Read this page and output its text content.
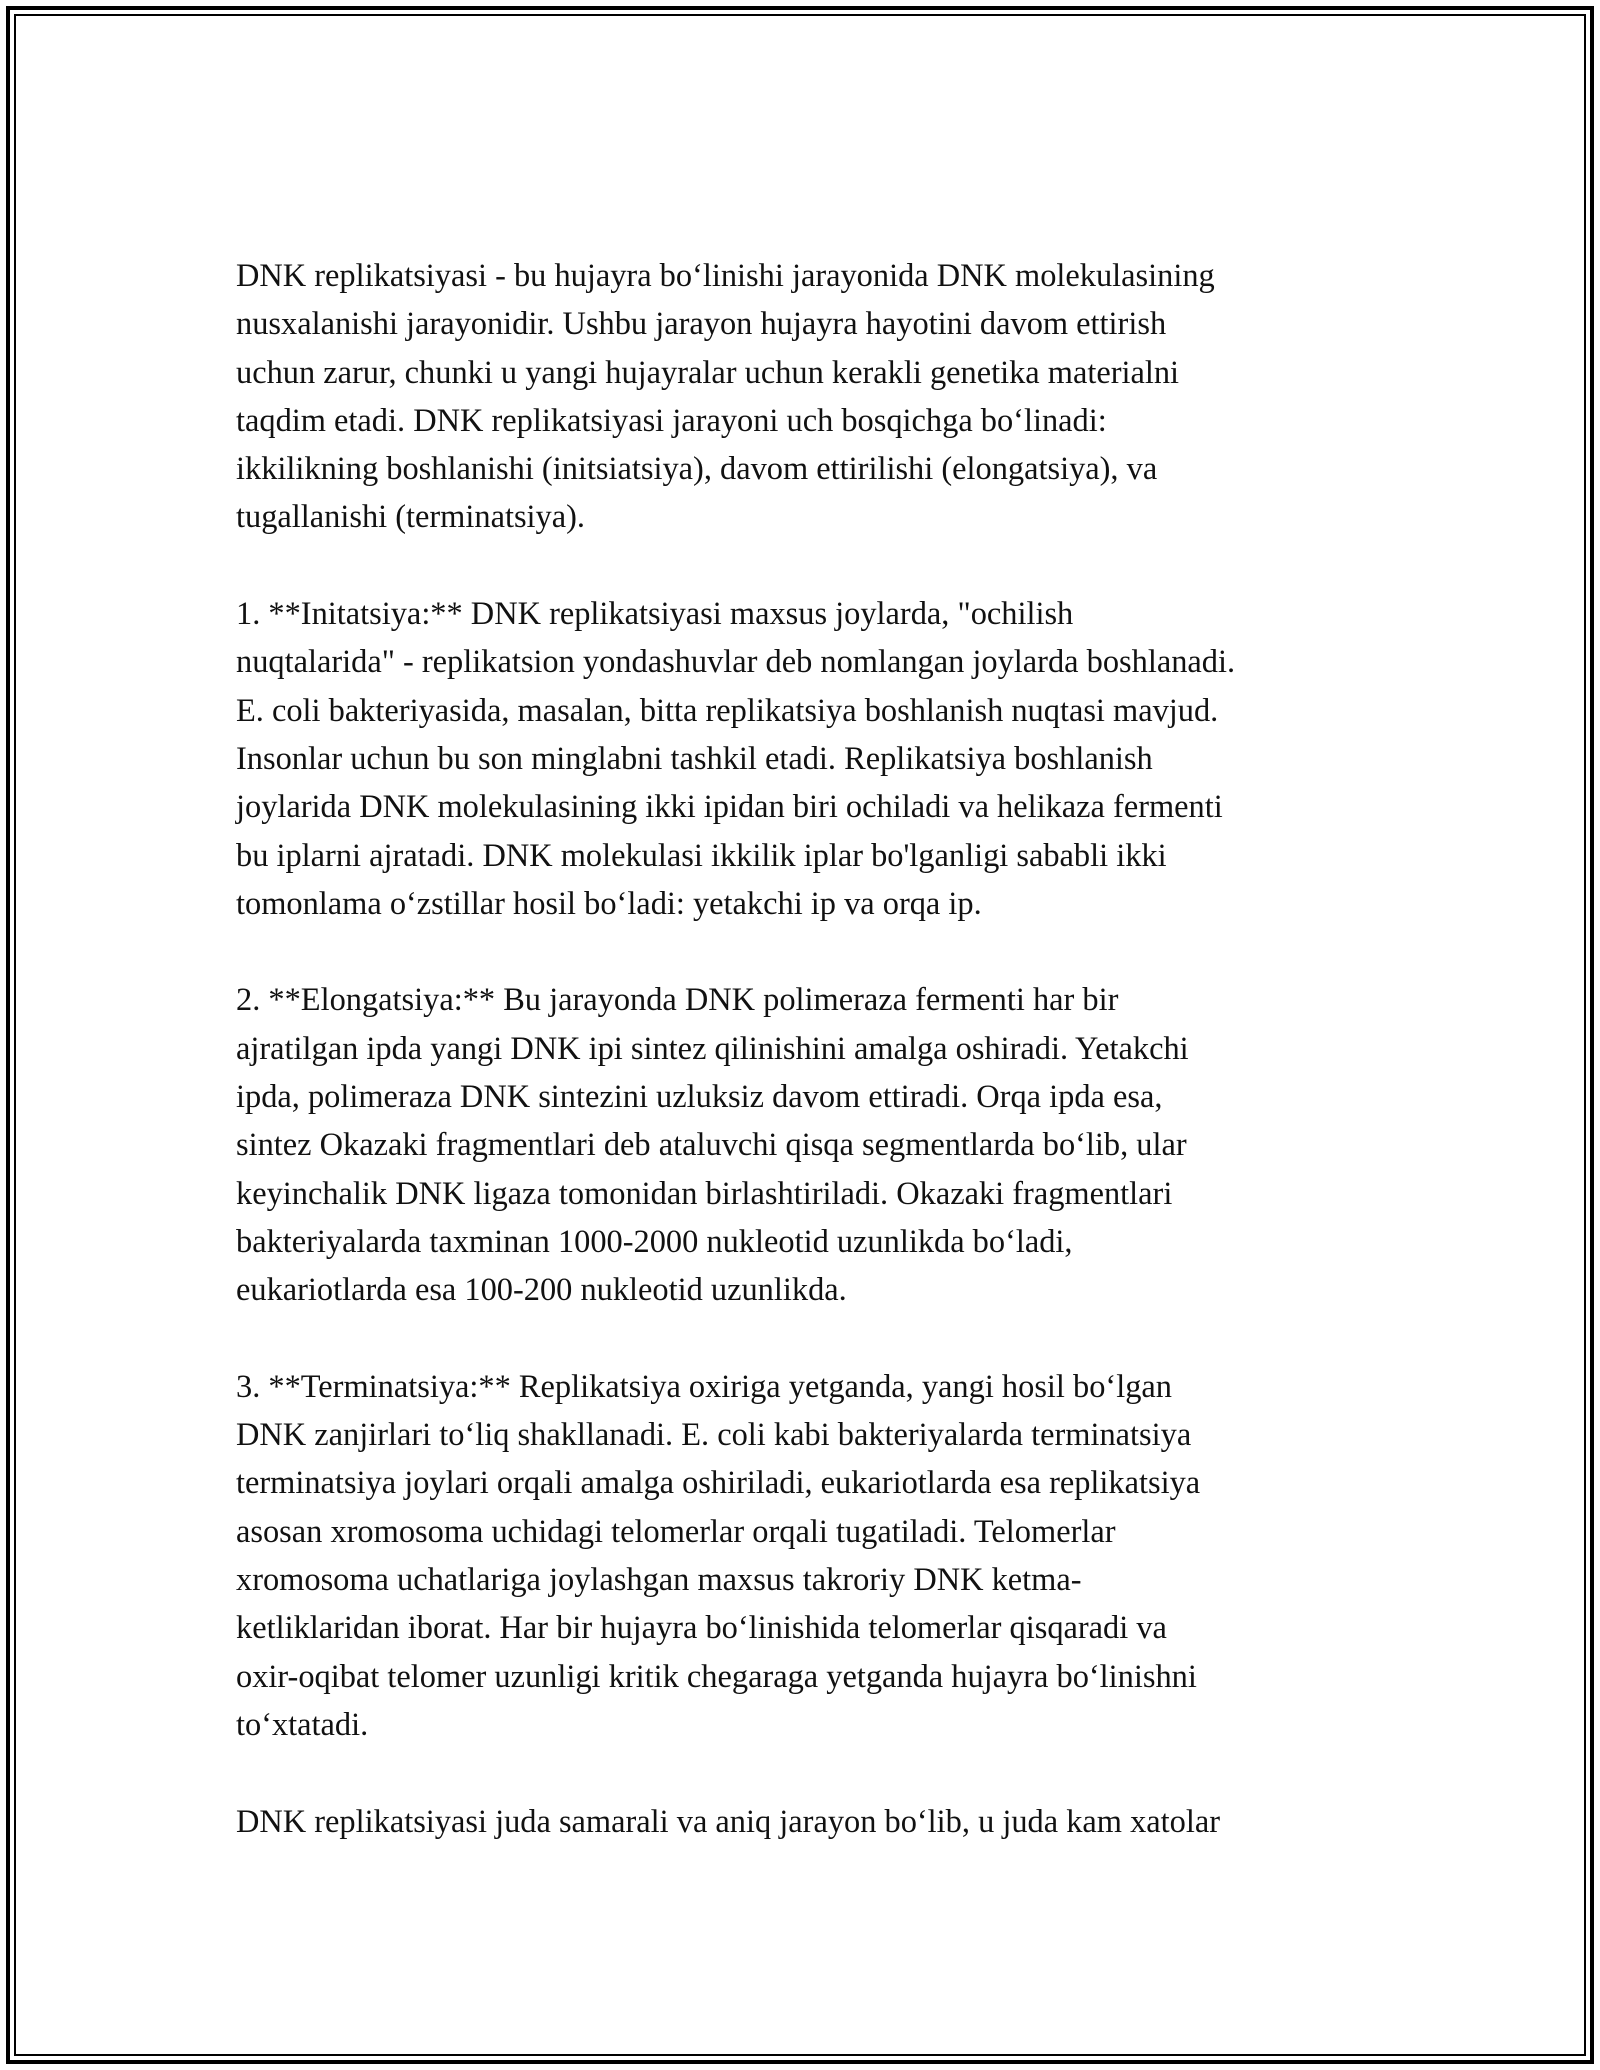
DNK replikatsiyasi - bu hujayra bo‘linishi jarayonida DNK molekulasining
nusxalanishi jarayonidir. Ushbu jarayon hujayra hayotini davom ettirish
uchun zarur, chunki u yangi hujayralar uchun kerakli genetika materialni
taqdim etadi. DNK replikatsiyasi jarayoni uch bosqichga bo‘linadi:
ikkilikning boshlanishi (initsiatsiya), davom ettirilishi (elongatsiya), va
tugallanishi (terminatsiya).

1. **Initatsiya:** DNK replikatsiyasi maxsus joylarda, "ochilish
nuqtalarida" - replikatsion yondashuvlar deb nomlangan joylarda boshlanadi.
E. coli bakteriyasida, masalan, bitta replikatsiya boshlanish nuqtasi mavjud.
Insonlar uchun bu son minglabni tashkil etadi. Replikatsiya boshlanish
joylarida DNK molekulasining ikki ipidan biri ochiladi va helikaza fermenti
bu iplarni ajratadi. DNK molekulasi ikkilik iplar bo'lganligi sababli ikki
tomonlama o‘zstillar hosil bo‘ladi: yetakchi ip va orqa ip.

2. **Elongatsiya:** Bu jarayonda DNK polimeraza fermenti har bir
ajratilgan ipda yangi DNK ipi sintez qilinishini amalga oshiradi. Yetakchi
ipda, polimeraza DNK sintezini uzluksiz davom ettiradi. Orqa ipda esa,
sintez Okazaki fragmentlari deb ataluvchi qisqa segmentlarda bo‘lib, ular
keyinchalik DNK ligaza tomonidan birlashtiriladi. Okazaki fragmentlari
bakteriyalarda taxminan 1000-2000 nukleotid uzunlikda bo‘ladi,
eukariotlarda esa 100-200 nukleotid uzunlikda.

3. **Terminatsiya:** Replikatsiya oxiriga yetganda, yangi hosil bo‘lgan
DNK zanjirlari to‘liq shakllanadi. E. coli kabi bakteriyalarda terminatsiya
terminatsiya joylari orqali amalga oshiriladi, eukariotlarda esa replikatsiya
asosan xromosoma uchidagi telomerlar orqali tugatiladi. Telomerlar
xromosoma uchatlariga joylashgan maxsus takroriy DNK ketma-
ketliklaridan iborat. Har bir hujayra bo‘linishida telomerlar qisqaradi va
oxir-oqibat telomer uzunligi kritik chegaraga yetganda hujayra bo‘linishni
to‘xtatadi.

DNK replikatsiyasi juda samarali va aniq jarayon bo‘lib, u juda kam xatolar
